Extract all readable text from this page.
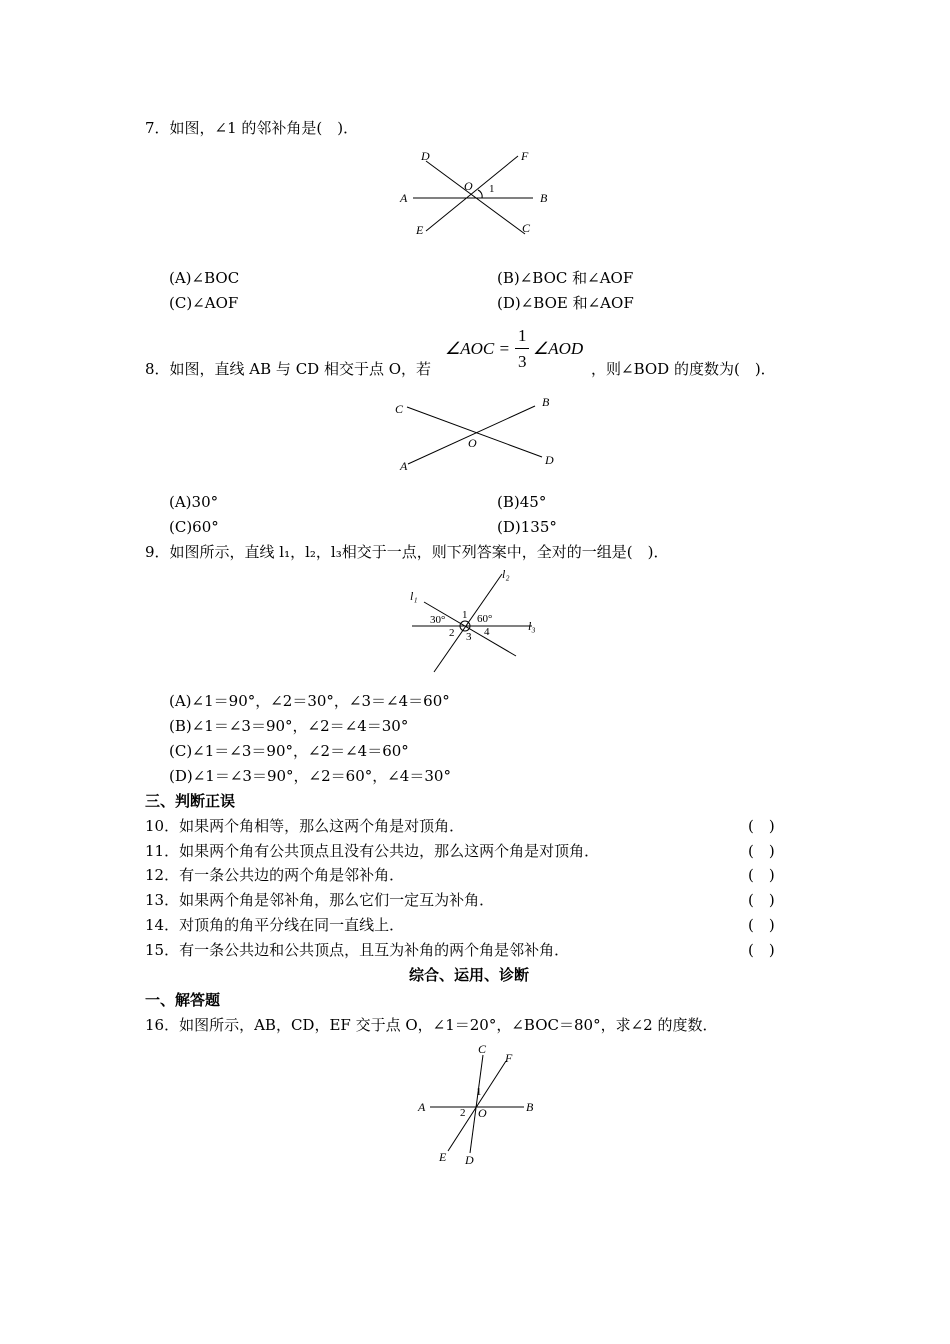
7．如图，∠1 的邻补角是(　)．
D	F
A
O 1
B
E	C
(A)∠BOC	(B)∠BOC 和∠AOF
(C)∠AOF	(D)∠BOE 和∠AOF
8．如图，直线 AB 与 CD 相交于点 O，若
∠AOC =
1
3
∠AOD
，则∠BOD 的度数为(　)．
C	B
O
A	D
(A)30°	(B)45°
(C)60°	(D)135°
9．如图所示，直线 l₁，l₂，l₃相交于一点，则下列答案中，全对的一组是(　)．
l₂
l₁
l₃
30°	60°
1
2 3 4
(A)∠1＝90°，∠2＝30°，∠3＝∠4＝60°
(B)∠1＝∠3＝90°，∠2＝∠4＝30°
(C)∠1＝∠3＝90°，∠2＝∠4＝60°
(D)∠1＝∠3＝90°，∠2＝60°，∠4＝30°
三、判断正误
10．如果两个角相等，那么这两个角是对顶角．	(　)
11．如果两个角有公共顶点且没有公共边，那么这两个角是对顶角．	(　)
12．有一条公共边的两个角是邻补角．	(　)
13．如果两个角是邻补角，那么它们一定互为补角．	(　)
14．对顶角的角平分线在同一直线上．	(　)
15．有一条公共边和公共顶点，且互为补角的两个角是邻补角．	(　)
综合、运用、诊断
一、解答题
16．如图所示，AB，CD，EF 交于点 O，∠1＝20°，∠BOC＝80°，求∠2 的度数．
C
F
1
A	2 O	B
E D
